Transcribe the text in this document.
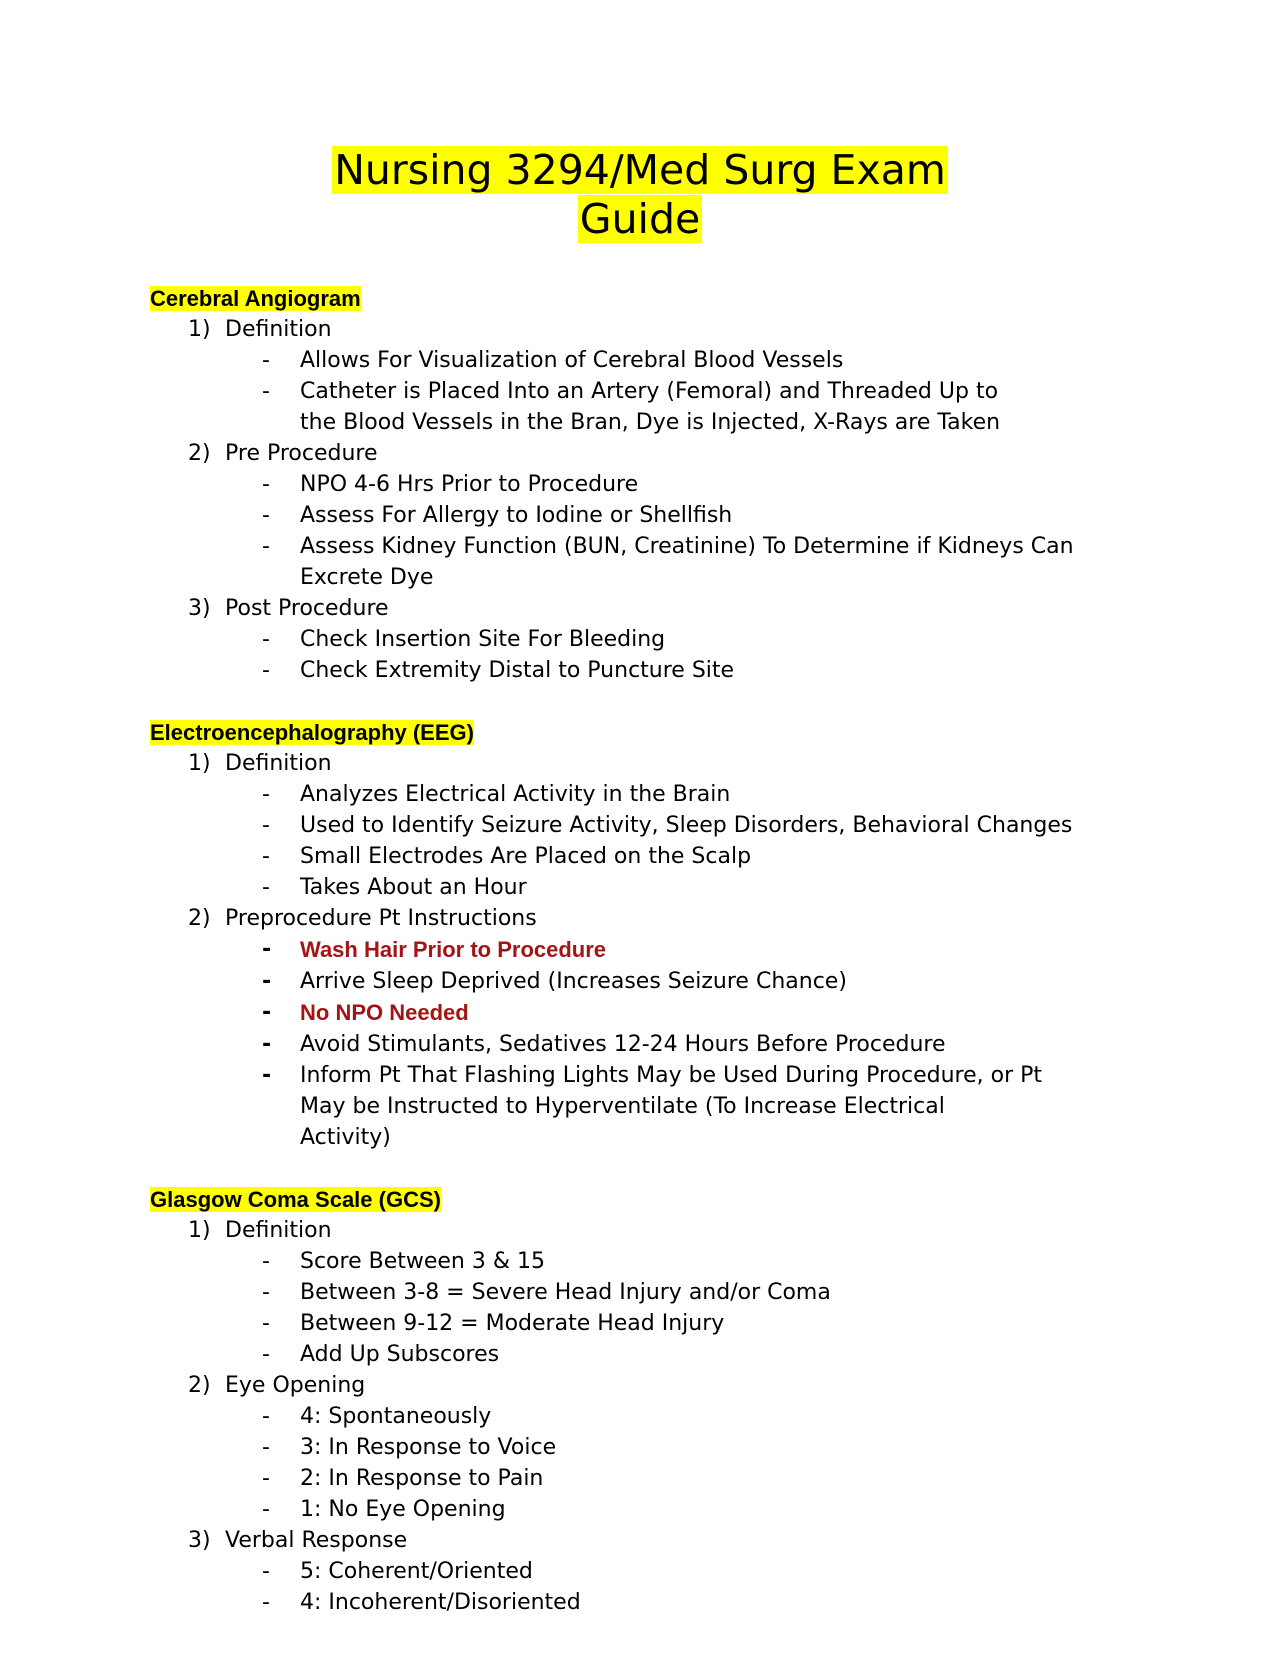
Nursing 3294/Med Surg Exam
Guide
Cerebral Angiogram
1) Definition
- Allows For Visualization of Cerebral Blood Vessels
- Catheter is Placed Into an Artery (Femoral) and Threaded Up to
the Blood Vessels in the Bran, Dye is Injected, X-Rays are Taken
2) Pre Procedure
- NPO 4-6 Hrs Prior to Procedure
- Assess For Allergy to Iodine or Shellfish
- Assess Kidney Function (BUN, Creatinine) To Determine if Kidneys Can
Excrete Dye
3) Post Procedure
- Check Insertion Site For Bleeding
- Check Extremity Distal to Puncture Site
Electroencephalography (EEG)
1) Definition
- Analyzes Electrical Activity in the Brain
- Used to Identify Seizure Activity, Sleep Disorders, Behavioral Changes
- Small Electrodes Are Placed on the Scalp
- Takes About an Hour
2) Preprocedure Pt Instructions
- Wash Hair Prior to Procedure
- Arrive Sleep Deprived (Increases Seizure Chance)
- No NPO Needed
- Avoid Stimulants, Sedatives 12-24 Hours Before Procedure
- Inform Pt That Flashing Lights May be Used During Procedure, or Pt
May be Instructed to Hyperventilate (To Increase Electrical
Activity)
Glasgow Coma Scale (GCS)
1) Definition
- Score Between 3 & 15
- Between 3-8 = Severe Head Injury and/or Coma
- Between 9-12 = Moderate Head Injury
- Add Up Subscores
2) Eye Opening
- 4: Spontaneously
- 3: In Response to Voice
- 2: In Response to Pain
- 1: No Eye Opening
3) Verbal Response
- 5: Coherent/Oriented
- 4: Incoherent/Disoriented
